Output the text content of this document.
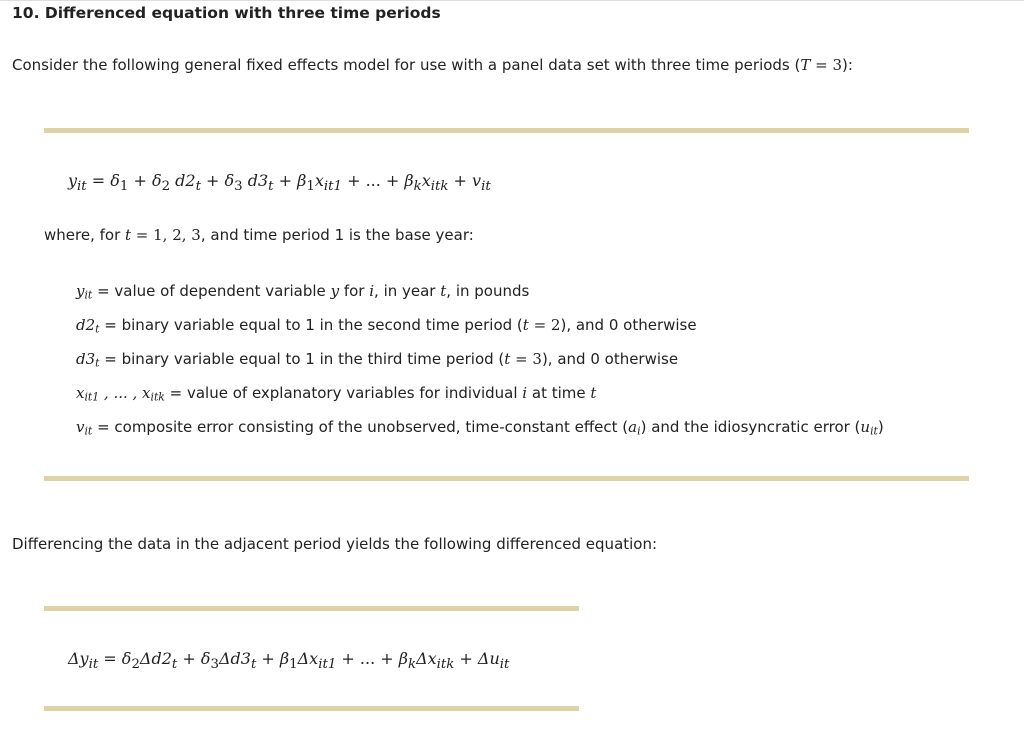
10. Differenced equation with three time periods
Consider the following general fixed effects model for use with a panel data set with three time periods (T = 3):
$y_{it} = \delta_1 + \delta_2$ $d2_t + \delta_3$ $d3_t + \beta_1x_{it1}$ + ... + $\beta_kx_{itk} + v_{it}$
where, for t = 1, 2, 3, and time period 1 is the base year:
$y_{it}$ = value of dependent variable y for i, in year t, in pounds
$d2_t$ = binary variable equal to 1 in the second time period (t = 2), and 0 otherwise
$d3_t$ = binary variable equal to 1 in the third time period (t = 3), and 0 otherwise
$x_{it1}$ , ... , $x_{itk}$ = value of explanatory variables for individual i at time t
$v_{it}$ = composite error consisting of the unobserved, time-constant effect $(a_i)$ and the idiosyncratic error $(u_{it})$
Differencing the data in the adjacent period yields the following differenced equation:
$\Delta y_{it} = \delta_2\Delta d2_t + \delta_3\Delta d3_t + \beta_1\Delta x_{it1}$ + ... + $\beta_k\Delta x_{itk} + \Delta u_{it}$
